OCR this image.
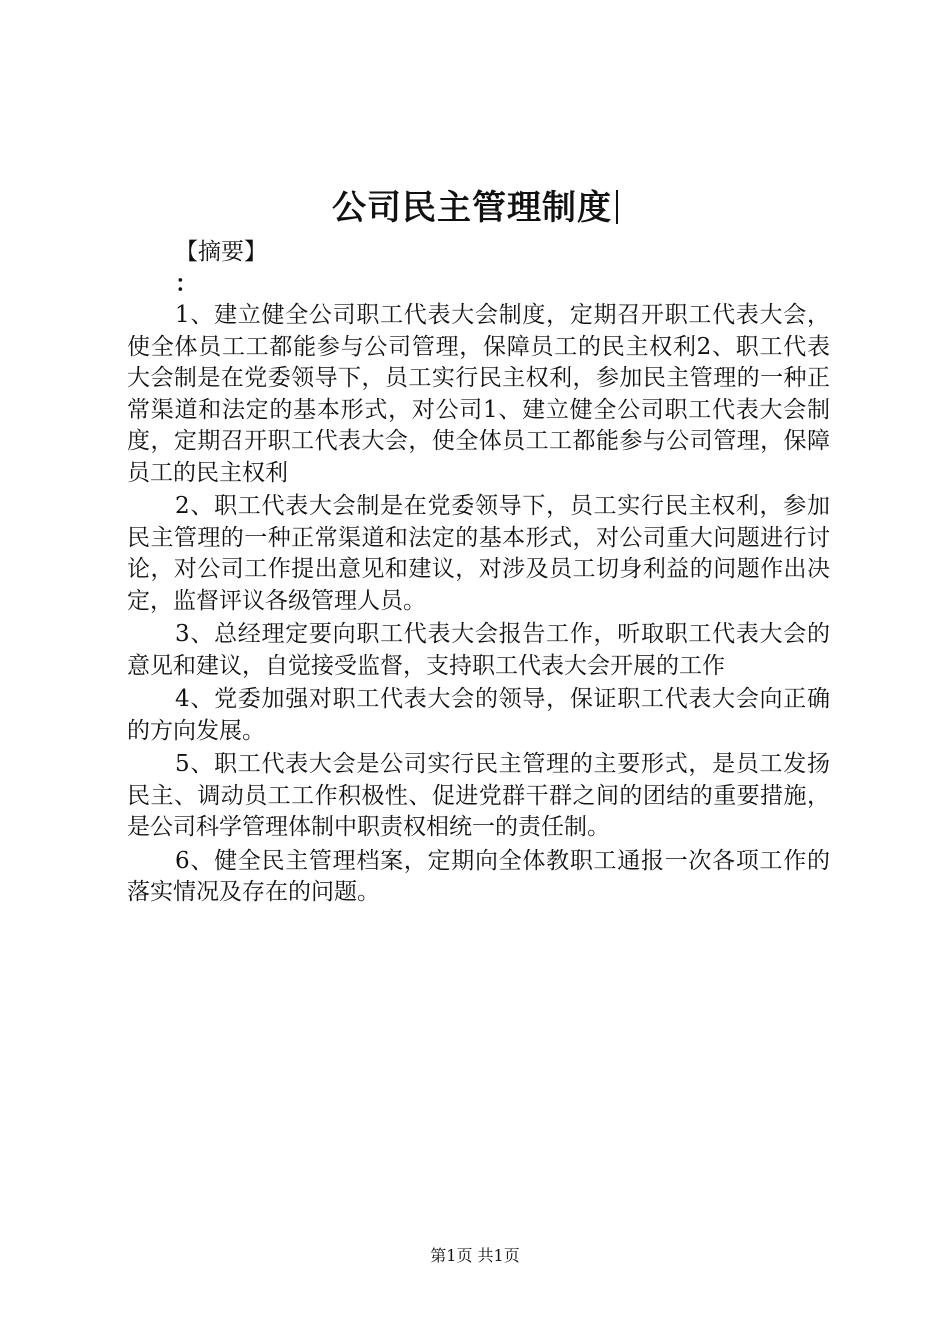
公司民主管理制度

【摘要】

：

1、建立健全公司职工代表大会制度，定期召开职工代表大会，使全体员工工都能参与公司管理，保障员工的民主权利2、职工代表大会制是在党委领导下，员工实行民主权利，参加民主管理的一种正常渠道和法定的基本形式，对公司1、建立健全公司职工代表大会制度，定期召开职工代表大会，使全体员工工都能参与公司管理，保障员工的民主权利

2、职工代表大会制是在党委领导下，员工实行民主权利，参加民主管理的一种正常渠道和法定的基本形式，对公司重大问题进行讨论，对公司工作提出意见和建议，对涉及员工切身利益的问题作出决定，监督评议各级管理人员。

3、总经理定要向职工代表大会报告工作，听取职工代表大会的意见和建议，自觉接受监督，支持职工代表大会开展的工作

4、党委加强对职工代表大会的领导，保证职工代表大会向正确的方向发展。

5、职工代表大会是公司实行民主管理的主要形式，是员工发扬民主、调动员工工作积极性、促进党群干群之间的团结的重要措施，是公司科学管理体制中职责权相统一的责任制。

6、健全民主管理档案，定期向全体教职工通报一次各项工作的落实情况及存在的问题。

第1页 共1页
